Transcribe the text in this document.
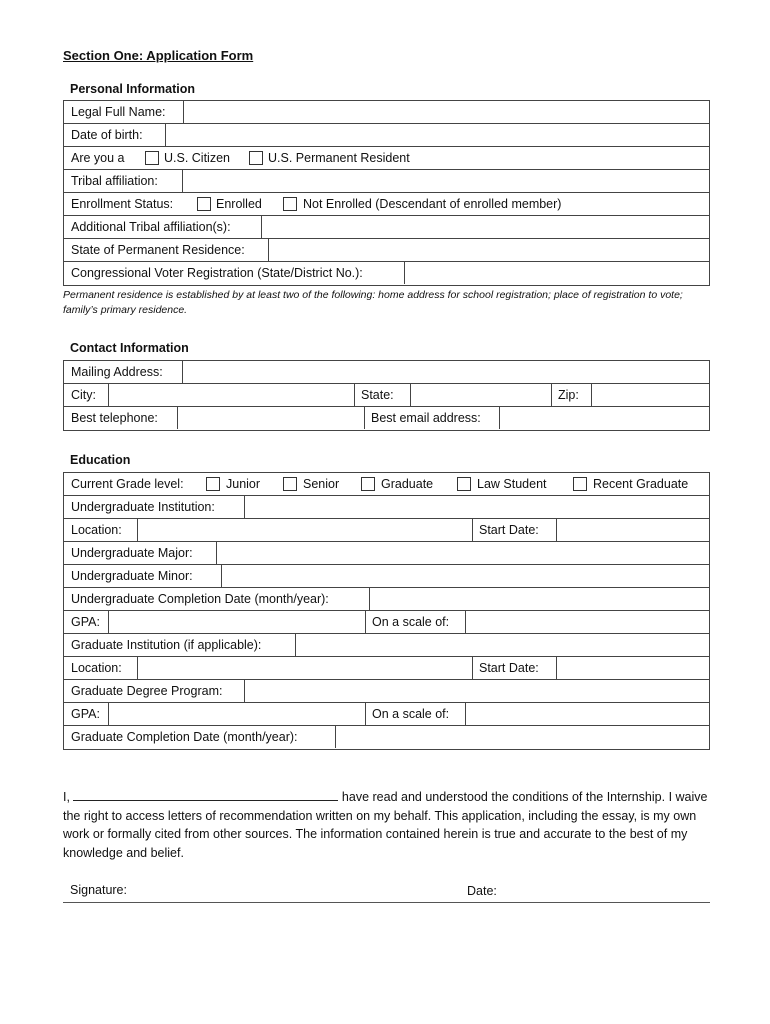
Section One: Application Form
Personal Information
Legal Full Name:
Date of birth:
Are you a	U.S. Citizen	U.S. Permanent Resident
Tribal affiliation:
Enrollment Status:	Enrolled	Not Enrolled (Descendant of enrolled member)
Additional Tribal affiliation(s):
State of Permanent Residence:
Congressional Voter Registration (State/District No.):
Permanent residence is established by at least two of the following: home address for school registration; place of registration to vote; family’s primary residence.
Contact Information
Mailing Address:
City:	State:	Zip:
Best telephone:	Best email address:
Education
Current Grade level:	Junior	Senior	Graduate	Law Student	Recent Graduate
Undergraduate Institution:
Location:	Start Date:
Undergraduate Major:
Undergraduate Minor:
Undergraduate Completion Date (month/year):
GPA:	On a scale of:
Graduate Institution (if applicable):
Location:	Start Date:
Graduate Degree Program:
GPA:	On a scale of:
Graduate Completion Date (month/year):
I,	have read and understood the conditions of the Internship. I waive the right to access letters of recommendation written on my behalf. This application, including the essay, is my own work or formally cited from other sources. The information contained herein is true and accurate to the best of my knowledge and belief.
Signature:	Date:
